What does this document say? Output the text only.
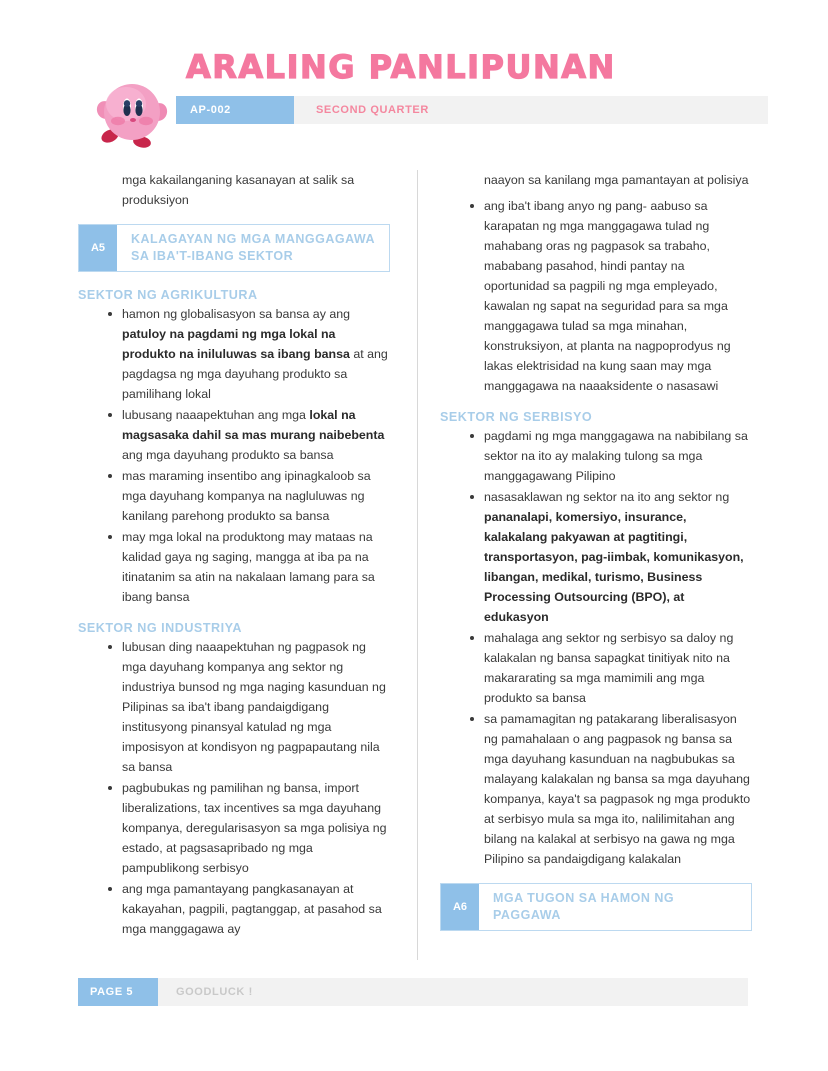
ARALING PANLIPUNAN
AP-002	SECOND QUARTER

mga kakailanganing kasanayan at salik sa produksiyon

A5
KALAGAYAN NG MGA MANGGAGAWA SA IBA'T-IBANG SEKTOR
SEKTOR NG AGRIKULTURA
hamon ng globalisasyon sa bansa ay ang patuloy na pagdami ng mga lokal na produkto na iniluluwas sa ibang bansa at ang pagdagsa ng mga dayuhang produkto sa pamilihang lokal
lubusang naaapektuhan ang mga lokal na magsasaka dahil sa mas murang naibebenta ang mga dayuhang produkto sa bansa
mas maraming insentibo ang ipinagkaloob sa mga dayuhang kompanya na nagluluwas ng kanilang parehong produkto sa bansa
may mga lokal na produktong may mataas na kalidad gaya ng saging, mangga at iba pa na itinatanim sa atin na nakalaan lamang para sa ibang bansa
SEKTOR NG INDUSTRIYA
lubusan ding naaapektuhan ng pagpasok ng mga dayuhang kompanya ang sektor ng industriya bunsod ng mga naging kasunduan ng Pilipinas sa iba't ibang pandaigdigang institusyong pinansyal katulad ng mga imposisyon at kondisyon ng pagpapautang nila sa bansa
pagbubukas ng pamilihan ng bansa, import liberalizations, tax incentives sa mga dayuhang kompanya, deregularisasyon sa mga polisiya ng estado, at pagsasapribado ng mga pampublikong serbisyo
ang mga pamantayang pangkasanayan at kakayahan, pagpili, pagtanggap, at pasahod sa mga manggagawa ay

naayon sa kanilang mga pamantayan at polisiya

ang iba't ibang anyo ng pang- aabuso sa karapatan ng mga manggagawa tulad ng mahabang oras ng pagpasok sa trabaho, mababang pasahod, hindi pantay na oportunidad sa pagpili ng mga empleyado, kawalan ng sapat na seguridad para sa mga manggagawa tulad sa mga minahan, konstruksiyon, at planta na nagpoprodyus ng lakas elektrisidad na kung saan may mga manggagawa na naaaksidente o nasasawi
SEKTOR NG SERBISYO
pagdami ng mga manggagawa na nabibilang sa sektor na ito ay malaking tulong sa mga manggagawang Pilipino
nasasaklawan ng sektor na ito ang sektor ng pananalapi, komersiyo, insurance, kalakalang pakyawan at pagtitingi, transportasyon, pag-iimbak, komunikasyon, libangan, medikal, turismo, Business Processing Outsourcing (BPO), at edukasyon
mahalaga ang sektor ng serbisyo sa daloy ng kalakalan ng bansa sapagkat tinitiyak nito na makararating sa mga mamimili ang mga produkto sa bansa
sa pamamagitan ng patakarang liberalisasyon ng pamahalaan o ang pagpasok ng bansa sa mga dayuhang kasunduan na nagbubukas sa malayang kalakalan ng bansa sa mga dayuhang kompanya, kaya't sa pagpasok ng mga produkto at serbisyo mula sa mga ito, nalilimitahan ang bilang na kalakal at serbisyo na gawa ng mga Pilipino sa pandaigdigang kalakalan
A6
MGA TUGON SA HAMON NG PAGGAWA
PAGE 5	GOODLUCK !
